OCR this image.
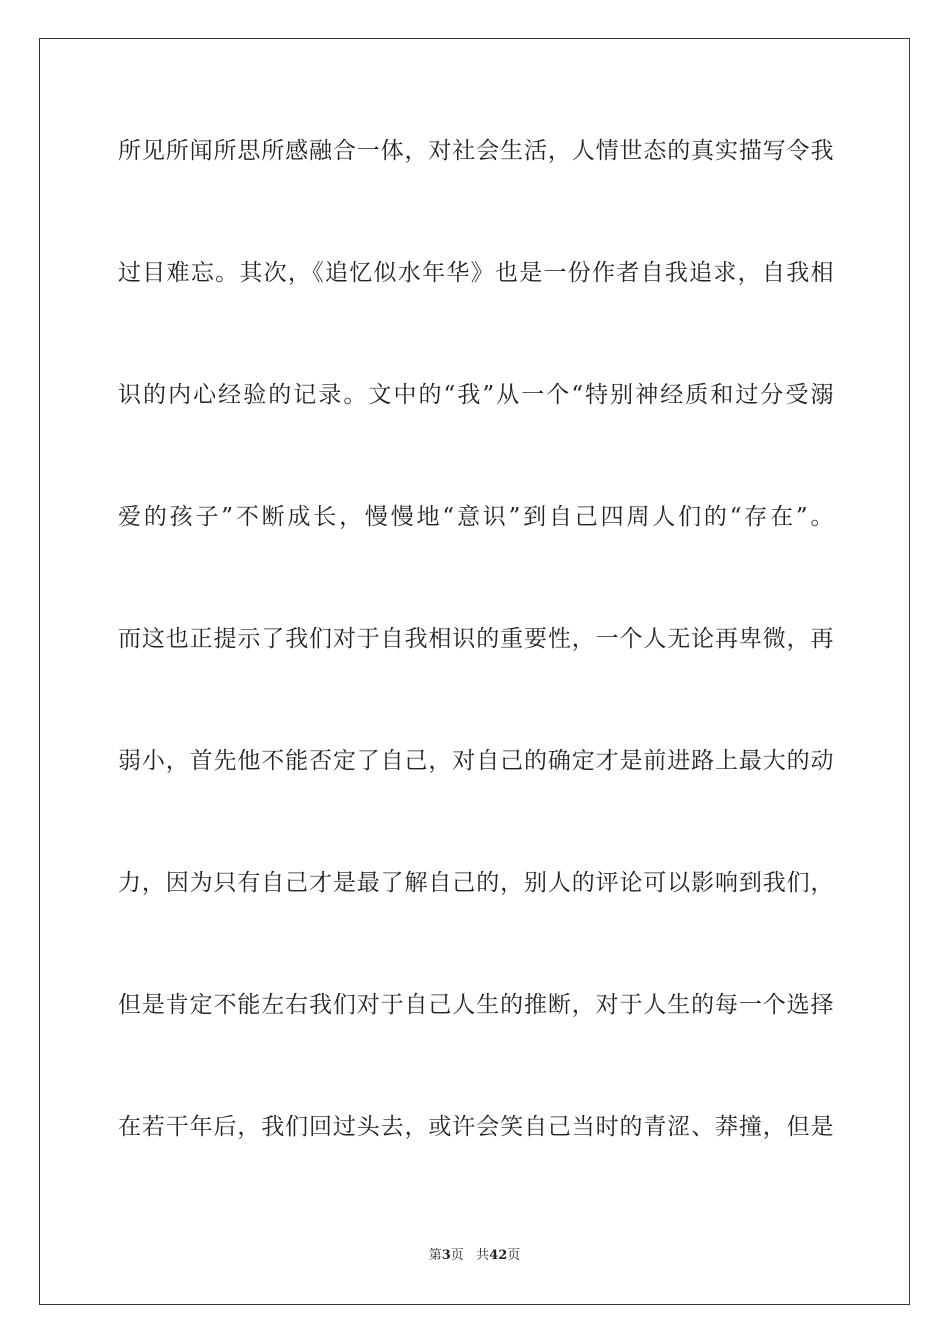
所见所闻所思所感融合一体，对社会生活，人情世态的真实描写令我
过目难忘。其次，《追忆似水年华》也是一份作者自我追求，自我相
识的内心经验的记录。文中的“我”从一个“特别神经质和过分受溺
爱的孩子”不断成长，慢慢地“意识”到自己四周人们的“存在”。
而这也正提示了我们对于自我相识的重要性，一个人无论再卑微，再
弱小，首先他不能否定了自己，对自己的确定才是前进路上最大的动
力，因为只有自己才是最了解自己的，别人的评论可以影响到我们，
但是肯定不能左右我们对于自己人生的推断，对于人生的每一个选择
在若干年后，我们回过头去，或许会笑自己当时的青涩、莽撞，但是
第3页 共42页
